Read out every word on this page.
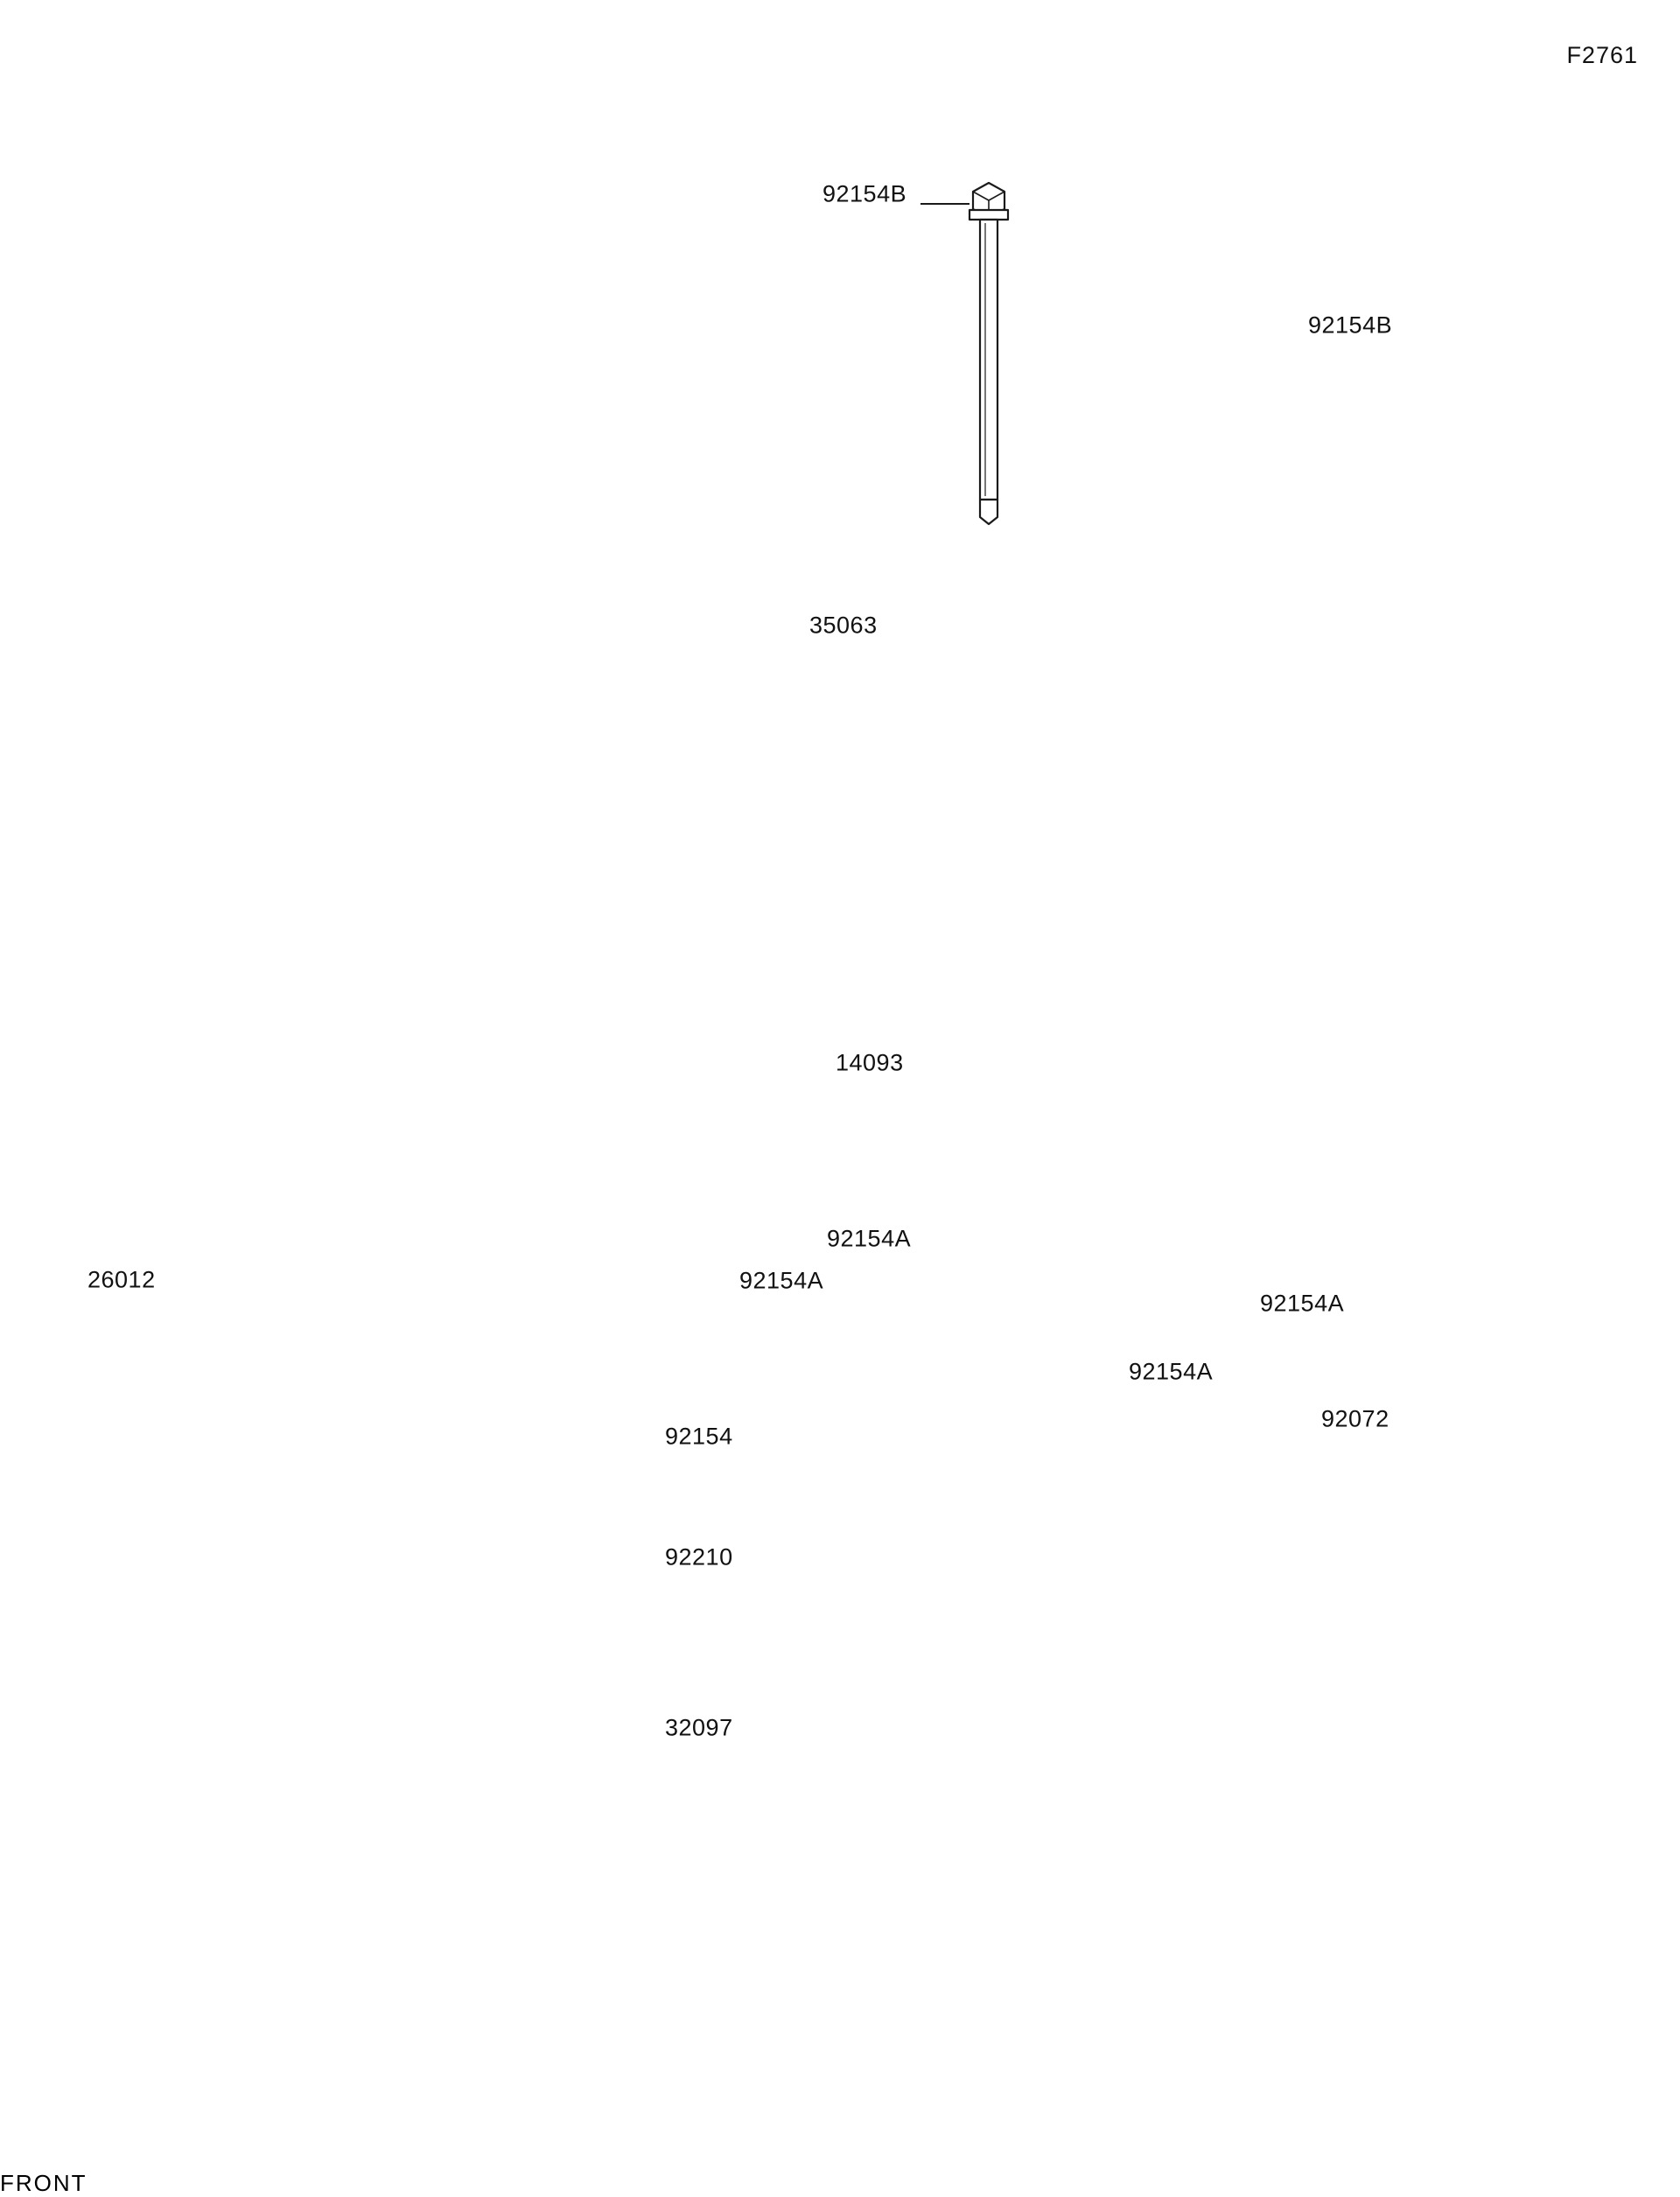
F2761
92154B
92154B
35063
14093
26012
92154A
92154A
92154A
92154A
92154
92072
92210
32097
FRONT
